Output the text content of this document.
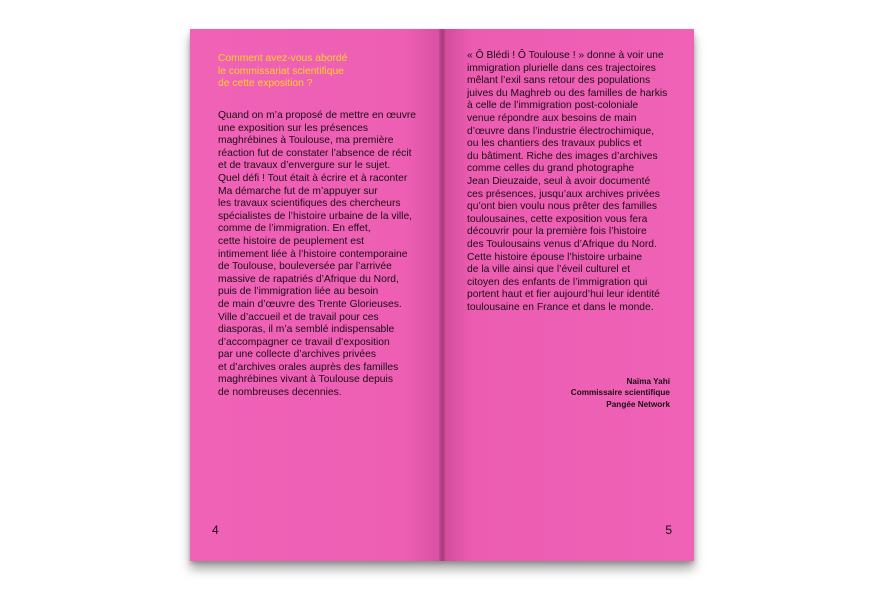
Comment avez-vous abordé
le commissariat scientifique
de cette exposition ?
Quand on m’a proposé de mettre en œuvre
une exposition sur les présences
maghrébines à Toulouse, ma première
réaction fut de constater l’absence de récit
et de travaux d’envergure sur le sujet.
Quel défi ! Tout était à écrire et à raconter
Ma démarche fut de m’appuyer sur
les travaux scientifiques des chercheurs
spécialistes de l’histoire urbaine de la ville,
comme de l’immigration. En effet,
cette histoire de peuplement est
intimement liée à l’histoire contemporaine
de Toulouse, bouleversée par l’arrivée
massive de rapatriés d’Afrique du Nord,
puis de l’immigration liée au besoin
de main d’œuvre des Trente Glorieuses.
Ville d’accueil et de travail pour ces
diasporas, il m’a semblé indispensable
d’accompagner ce travail d’exposition
par une collecte d’archives privées
et d’archives orales auprès des familles
maghrébines vivant à Toulouse depuis
de nombreuses decennies.
4
« Ô Blédi ! Ô Toulouse ! » donne à voir une
immigration plurielle dans ces trajectoires
mêlant l’exil sans retour des populations
juives du Maghreb ou des familles de harkis
à celle de l’immigration post-coloniale
venue répondre aux besoins de main
d’œuvre dans l’industrie électrochimique,
ou les chantiers des travaux publics et
du bâtiment. Riche des images d’archives
comme celles du grand photographe
Jean Dieuzaide, seul à avoir documenté
ces présences, jusqu’aux archives privées
qu’ont bien voulu nous prêter des familles
toulousaines, cette exposition vous fera
découvrir pour la première fois l’histoire
des Toulousains venus d’Afrique du Nord.
Cette histoire épouse l’histoire urbaine
de la ville ainsi que l’éveil culturel et
citoyen des enfants de l’immigration qui
portent haut et fier aujourd’hui leur identité
toulousaine en France et dans le monde.
Naïma Yahi
Commissaire scientifique
Pangée Network
5
